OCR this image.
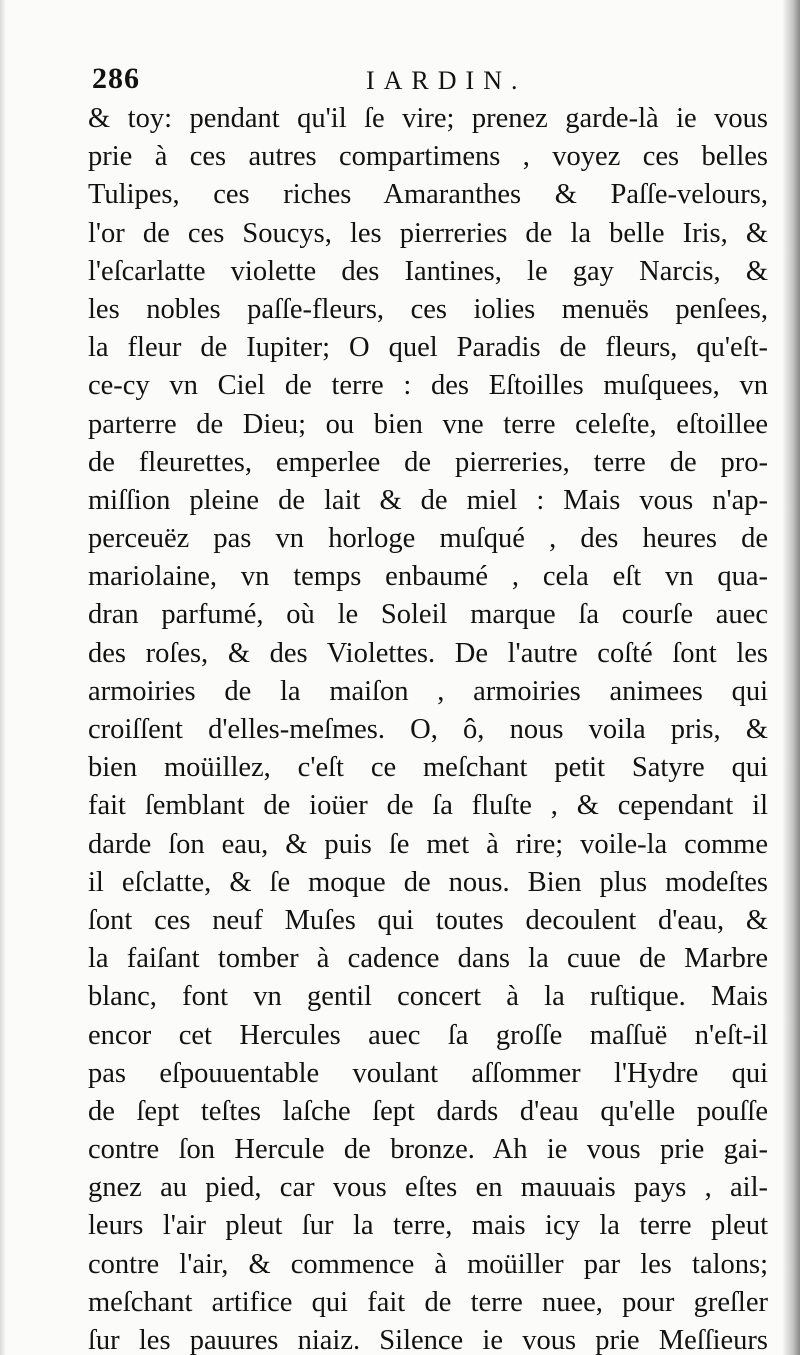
286	IARDIN.
& toy: pendant qu'il ſe vire; prenez garde-là ie vous
prie à ces autres compartimens , voyez ces belles
Tulipes, ces riches Amaranthes & Paſſe-velours,
l'or de ces Soucys, les pierreries de la belle Iris, &
l'eſcarlatte violette des Iantines, le gay Narcis, &
les nobles paſſe-fleurs, ces iolies menuës penſees,
la fleur de Iupiter; O quel Paradis de fleurs, qu'eſt-
ce-cy vn Ciel de terre : des Eſtoilles muſquees, vn
parterre de Dieu; ou bien vne terre celeſte, eſtoillee
de fleurettes, emperlee de pierreries, terre de pro-
miſſion pleine de lait & de miel : Mais vous n'ap-
perceuëz pas vn horloge muſqué , des heures de
mariolaine, vn temps enbaumé , cela eſt vn qua-
dran parfumé, où le Soleil marque ſa courſe auec
des roſes, & des Violettes. De l'autre coſté ſont les
armoiries de la maiſon , armoiries animees qui
croiſſent d'elles-meſmes. O, ô, nous voila pris, &
bien moüillez, c'eſt ce meſchant petit Satyre qui
fait ſemblant de ioüer de ſa fluſte , & cependant il
darde ſon eau, & puis ſe met à rire; voile-la comme
il eſclatte, & ſe moque de nous. Bien plus modeſtes
ſont ces neuf Muſes qui toutes decoulent d'eau, &
la faiſant tomber à cadence dans la cuue de Marbre
blanc, font vn gentil concert à la ruſtique. Mais
encor cet Hercules auec ſa groſſe maſſuë n'eſt-il
pas eſpouuentable voulant aſſommer l'Hydre qui
de ſept teſtes laſche ſept dards d'eau qu'elle pouſſe
contre ſon Hercule de bronze. Ah ie vous prie gai-
gnez au pied, car vous eſtes en mauuais pays , ail-
leurs l'air pleut ſur la terre, mais icy la terre pleut
contre l'air, & commence à moüiller par les talons;
meſchant artifice qui fait de terre nuee, pour greſler
ſur les pauures niaiz. Silence ie vous prie Meſſieurs
